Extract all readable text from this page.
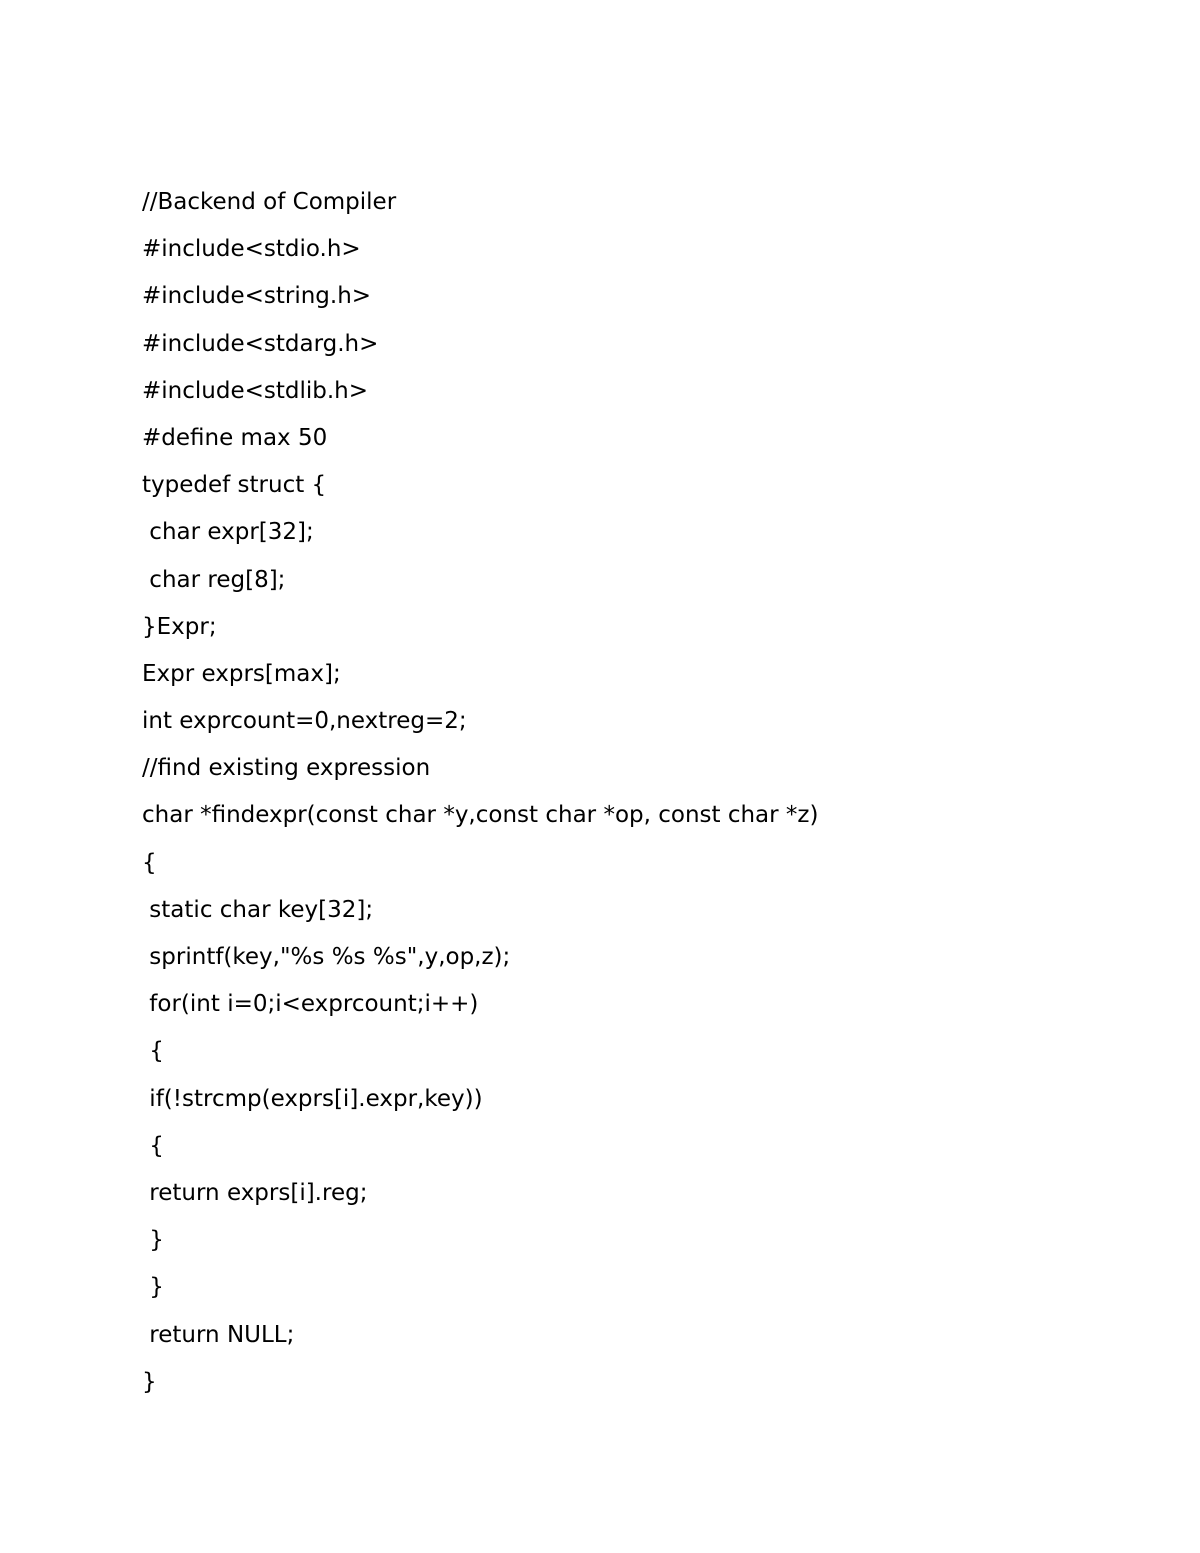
//Backend of Compiler
#include<stdio.h>
#include<string.h>
#include<stdarg.h>
#include<stdlib.h>
#define max 50
typedef struct {
char expr[32];
char reg[8];
}Expr;
Expr exprs[max];
int exprcount=0,nextreg=2;
//find existing expression
char *findexpr(const char *y,const char *op, const char *z)
{
static char key[32];
sprintf(key,"%s %s %s",y,op,z);
for(int i=0;i<exprcount;i++)
{
if(!strcmp(exprs[i].expr,key))
{
return exprs[i].reg;
}
}
return NULL;
}
